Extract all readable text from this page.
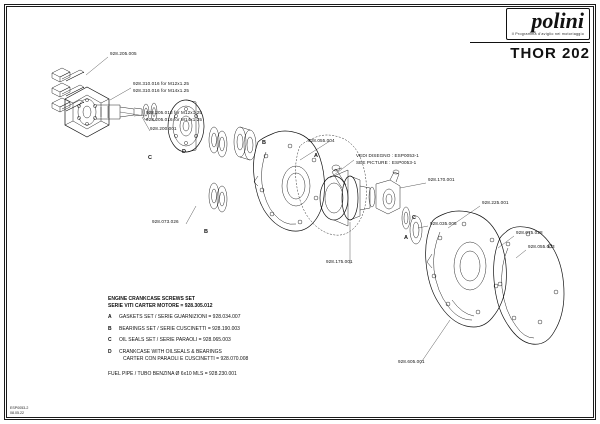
polini
Il Programma d'aviglio nei motoriaggio
THOR 202
928.205.005
928.310.016 for M12x1.25
928.310.016 for M14x1.25
928.205.018 for M12x1.25
928.205.016 for M14x1.25
928.200.001
928.055.004
VEDI DISEGNO : ESP0053-1
SEE PICTURE : ESP0053-1
928.170.001
928.035.005
928.225.001
928.075.028
928.055.003
928.073.026
928.175.001
928.605.001
C
D
B
A
B
C
A
ENGINE CRANKCASE SCREWS SET
SERIE VITI CARTER MOTORE = 928.305.012
A	GASKETS SET / SERIE GUARNIZIONI = 928.034.007
B	BEARINGS SET / SERIE CUSCINETTI = 928.190.003
C	OIL SEALS SET / SERIE PARAOLI = 928.065.003
D	CRANKCASE WITH OILSEALS & BEARINGS
CARTER CON PARAOLI E CUSCINETTI = 928.070.008
FUEL PIPE / TUBO BENZINA Ø 6x10 MLS = 928.230.001
ESP0053-2
08.05.22
